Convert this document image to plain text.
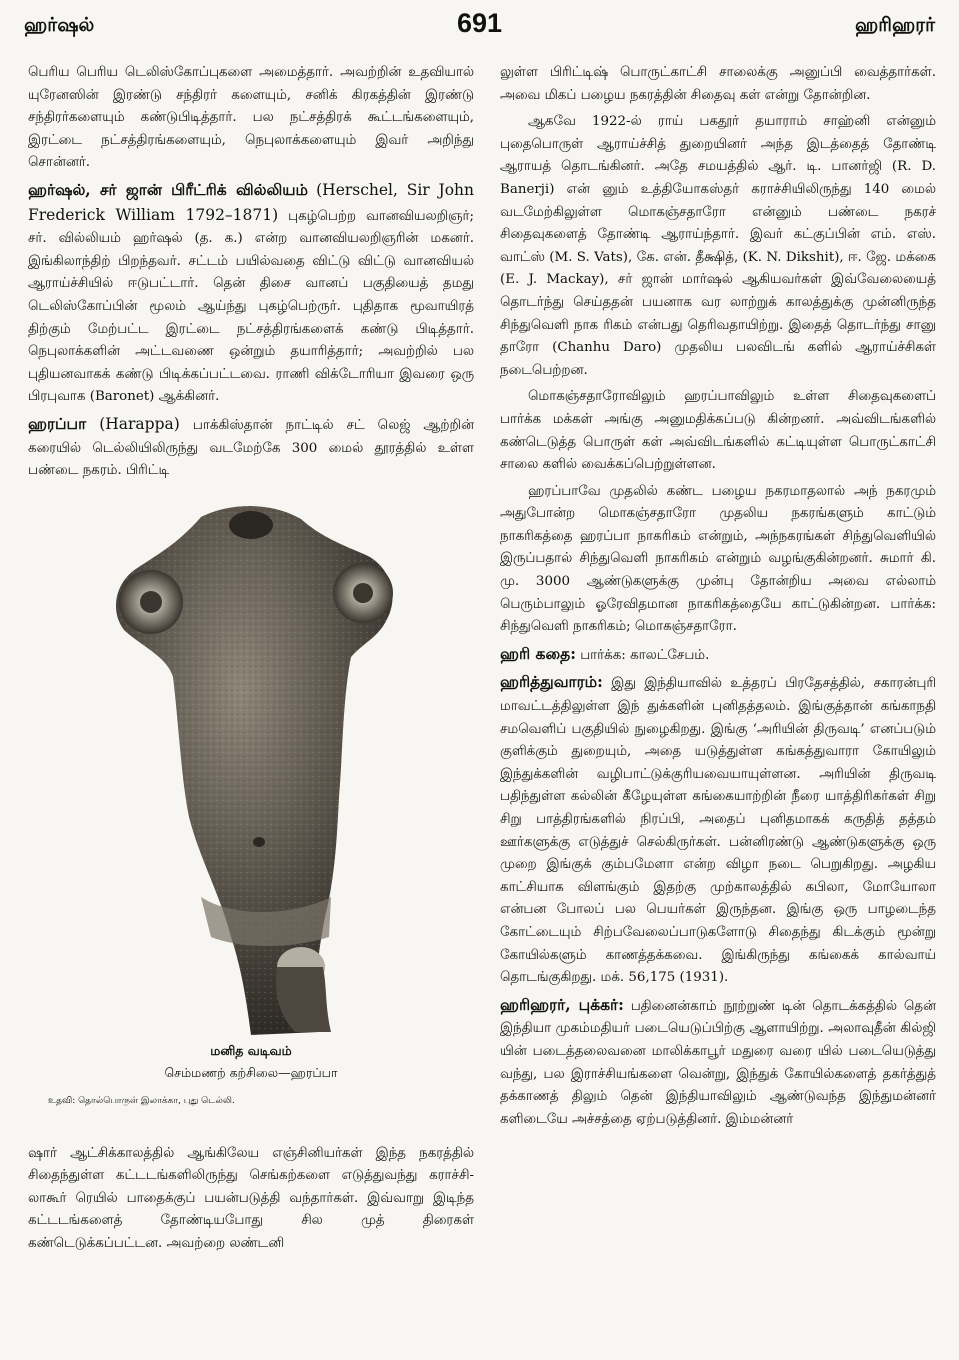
ஹர்ஷல்	691	ஹரிஹரர்

பெரிய பெரிய டெலிஸ்கோப்புகளை அமைத்தார். அவற்றின் உதவியால் யுரேனஸின் இரண்டு சந்திரர் களையும், சனிக் கிரகத்தின் இரண்டு சந்திரர்களையும் கண்டுபிடித்தார். பல நட்சத்திரக் கூட்டங்களையும், இரட்டை நட்சத்திரங்களையும், நெபுலாக்களையும் இவர் அறிந்து சொன்னர்.

ஹர்ஷல், சர் ஜான் பிரீட்ரிக் வில்லியம் (Herschel, Sir John Frederick William 1792–1871) புகழ்பெற்ற வானவியலறிஞர்; சர். வில்லியம் ஹர்ஷல் (த. க.) என்ற வானவியலறிஞரின் மகனர். இங்கிலாந்திற் பிறந்தவர். சட்டம் பயில்வதை விட்டு விட்டு வானவியல் ஆராய்ச்சியில் ஈடுபட்டார். தென் திசை வானப் பகுதியைத் தமது டெலிஸ்கோப்பின் மூலம் ஆய்ந்து புகழ்பெற்ருர். புதிதாக மூவாயிரத் திற்கும் மேற்பட்ட இரட்டை நட்சத்திரங்களைக் கண்டு பிடித்தார். நெபுலாக்களின் அட்டவணை ஒன்றும் தயாரித்தார்; அவற்றில் பல புதியனவாகக் கண்டு பிடிக்கப்பட்டவை. ராணி விக்டோரியா இவரை ஒரு பிரபுவாக (Baronet) ஆக்கினர்.

ஹரப்பா (Harappa) பாக்கிஸ்தான் நாட்டில் சட் லெஜ் ஆற்றின் கரையில் டெல்லியிலிருந்து வடமேற்கே 300 மைல் தூரத்தில் உள்ள பண்டை நகரம். பிரிட்டி

மனித வடிவம்
செம்மணற் கற்சிலை—ஹரப்பா
உதவி: தொல்பொருள் இலாக்கா, புது டெல்லி.

ஷார் ஆட்சிக்காலத்தில் ஆங்கிலேய எஞ்சினியர்கள் இந்த நகரத்தில் சிதைந்துள்ள கட்டடங்களிலிருந்து செங்கற்களை எடுத்துவந்து கராச்சி-லாகூர் ரெயில் பாதைக்குப் பயன்படுத்தி வந்தார்கள். இவ்வாறு இடிந்த கட்டடங்களைத் தோண்டியபோது சில முத் திரைகள் கண்டெடுக்கப்பட்டன. அவற்றை லண்டனி

லுள்ள பிரிட்டிஷ் பொருட்காட்சி சாலைக்கு அனுப்பி வைத்தார்கள். அவை மிகப் பழைய நகரத்தின் சிதைவு கள் என்று தோன்றின.

ஆகவே 1922-ல் ராய் பகதூர் தயாராம் சாஹ்னி என்னும் புதைபொருள் ஆராய்ச்சித் துறையினர் அந்த இடத்தைத் தோண்டி ஆராயத் தொடங்கினர். அதே சமயத்தில் ஆர். டி. பானர்ஜி (R. D. Banerji) என் னும் உத்தியோகஸ்தர் கராச்சியிலிருந்து 140 மைல் வடமேற்கிலுள்ள மொகஞ்சதாரோ என்னும் பண்டை நகரச் சிதைவுகளைத் தோண்டி ஆராய்ந்தார். இவர் கட்குப்பின் எம். எஸ். வாட்ஸ் (M. S. Vats), கே. என். தீக்ஷித், (K. N. Dikshit), ஈ. ஜே. மக்கை (E. J. Mackay), சர் ஜான் மார்ஷல் ஆகியவர்கள் இவ்வேலையைத் தொடர்ந்து செய்ததன் பயனாக வர லாற்றுக் காலத்துக்கு முன்னிருந்த சிந்துவெளி நாக ரிகம் என்பது தெரிவதாயிற்று. இதைத் தொடர்ந்து சானு தாரோ (Chanhu Daro) முதலிய பலவிடங் களில் ஆராய்ச்சிகள் நடைபெற்றன.

மொகஞ்சதாரோவிலும் ஹரப்பாவிலும் உள்ள சிதைவுகளைப் பார்க்க மக்கள் அங்கு அனுமதிக்கப்படு கின்றனர். அவ்விடங்களில் கண்டெடுத்த பொருள் கள் அவ்விடங்களில் கட்டியுள்ள பொருட்காட்சி சாலை களில் வைக்கப்பெற்றுள்ளன.

ஹரப்பாவே முதலில் கண்ட பழைய நகரமாதலால் அந் நகரமும் அதுபோன்ற மொகஞ்சதாரோ முதலிய நகரங்களும் காட்டும் நாகரிகத்தை ஹரப்பா நாகரிகம் என்றும், அந்நகரங்கள் சிந்துவெளியில் இருப்பதால் சிந்துவெளி நாகரிகம் என்றும் வழங்குகின்றனர். சுமார் கி. மு. 3000 ஆண்டுகளுக்கு முன்பு தோன்றிய அவை எல்லாம் பெரும்பாலும் ஓரேவிதமான நாகரிகத்தையே காட்டுகின்றன. பார்க்க: சிந்துவெளி நாகரிகம்; மொகஞ்சதாரோ.

ஹரி கதை: பார்க்க: காலட்சேபம்.

ஹரித்துவாரம்: இது இந்தியாவில் உத்தரப் பிரதேசத்தில், சகாரன்புரி மாவட்டத்திலுள்ள இந் துக்களின் புனிதத்தலம். இங்குத்தான் கங்காநதி சமவெளிப் பகுதியில் நுழைகிறது. இங்கு ‘அரியின் திருவடி’ எனப்படும் குளிக்கும் துறையும், அதை யடுத்துள்ள கங்கத்துவாரா கோயிலும் இந்துக்களின் வழிபாட்டுக்குரியவையாயுள்ளன. அரியின் திருவடி பதிந்துள்ள கல்லின் கீழேயுள்ள கங்கையாற்றின் நீரை யாத்திரிகர்கள் சிறு சிறு பாத்திரங்களில் நிரப்பி, அதைப் புனிதமாகக் கருதித் தத்தம் ஊர்களுக்கு எடுத்துச் செல்கிருர்கள். பன்னிரண்டு ஆண்டுகளுக்கு ஒரு முறை இங்குக் கும்பமேளா என்ற விழா நடை பெறுகிறது. அழகிய காட்சியாக விளங்கும் இதற்கு முற்காலத்தில் கபிலா, மோயோலா என்பன போலப் பல பெயர்கள் இருந்தன. இங்கு ஒரு பாழடைந்த கோட்டையும் சிற்பவேலைப்பாடுகளோடு சிதைந்து கிடக்கும் மூன்று கோயில்களும் காணத்தக்கவை. இங்கிருந்து கங்கைக் கால்வாய் தொடங்குகிறது. மக். 56,175 (1931).

ஹரிஹரர், புக்கர்: பதினைன்காம் நூற்றுண் டின் தொடக்கத்தில் தென் இந்தியா முகம்மதியர் படையெடுப்பிற்கு ஆளாயிற்று. அலாவுதீன் கில்ஜி யின் படைத்தலைவனை மாலிக்காபூர் மதுரை வரை யில் படையெடுத்து வந்து, பல இராச்சியங்களை வென்று, இந்துக் கோயில்களைத் தகர்த்துத் தக்காணத் திலும் தென் இந்தியாவிலும் ஆண்டுவந்த இந்துமன்னர் களிடையே அச்சத்தை ஏற்படுத்தினர். இம்மன்னர்
